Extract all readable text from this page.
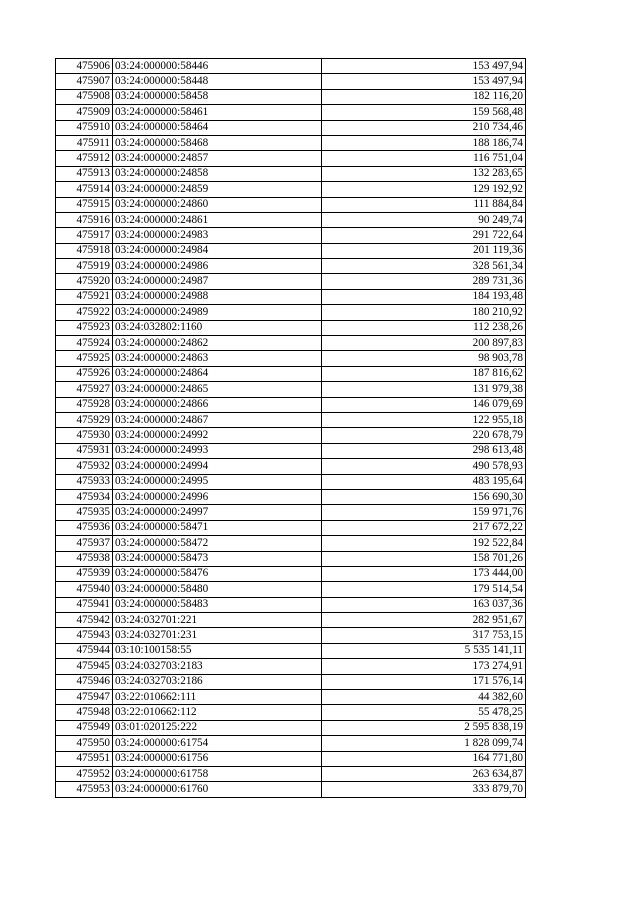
475906	03:24:000000:58446	153 497,94
475907	03:24:000000:58448	153 497,94
475908	03:24:000000:58458	182 116,20
475909	03:24:000000:58461	159 568,48
475910	03:24:000000:58464	210 734,46
475911	03:24:000000:58468	188 186,74
475912	03:24:000000:24857	116 751,04
475913	03:24:000000:24858	132 283,65
475914	03:24:000000:24859	129 192,92
475915	03:24:000000:24860	111 884,84
475916	03:24:000000:24861	90 249,74
475917	03:24:000000:24983	291 722,64
475918	03:24:000000:24984	201 119,36
475919	03:24:000000:24986	328 561,34
475920	03:24:000000:24987	289 731,36
475921	03:24:000000:24988	184 193,48
475922	03:24:000000:24989	180 210,92
475923	03:24:032802:1160	112 238,26
475924	03:24:000000:24862	200 897,83
475925	03:24:000000:24863	98 903,78
475926	03:24:000000:24864	187 816,62
475927	03:24:000000:24865	131 979,38
475928	03:24:000000:24866	146 079,69
475929	03:24:000000:24867	122 955,18
475930	03:24:000000:24992	220 678,79
475931	03:24:000000:24993	298 613,48
475932	03:24:000000:24994	490 578,93
475933	03:24:000000:24995	483 195,64
475934	03:24:000000:24996	156 690,30
475935	03:24:000000:24997	159 971,76
475936	03:24:000000:58471	217 672,22
475937	03:24:000000:58472	192 522,84
475938	03:24:000000:58473	158 701,26
475939	03:24:000000:58476	173 444,00
475940	03:24:000000:58480	179 514,54
475941	03:24:000000:58483	163 037,36
475942	03:24:032701:221	282 951,67
475943	03:24:032701:231	317 753,15
475944	03:10:100158:55	5 535 141,11
475945	03:24:032703:2183	173 274,91
475946	03:24:032703:2186	171 576,14
475947	03:22:010662:111	44 382,60
475948	03:22:010662:112	55 478,25
475949	03:01:020125:222	2 595 838,19
475950	03:24:000000:61754	1 828 099,74
475951	03:24:000000:61756	164 771,80
475952	03:24:000000:61758	263 634,87
475953	03:24:000000:61760	333 879,70
